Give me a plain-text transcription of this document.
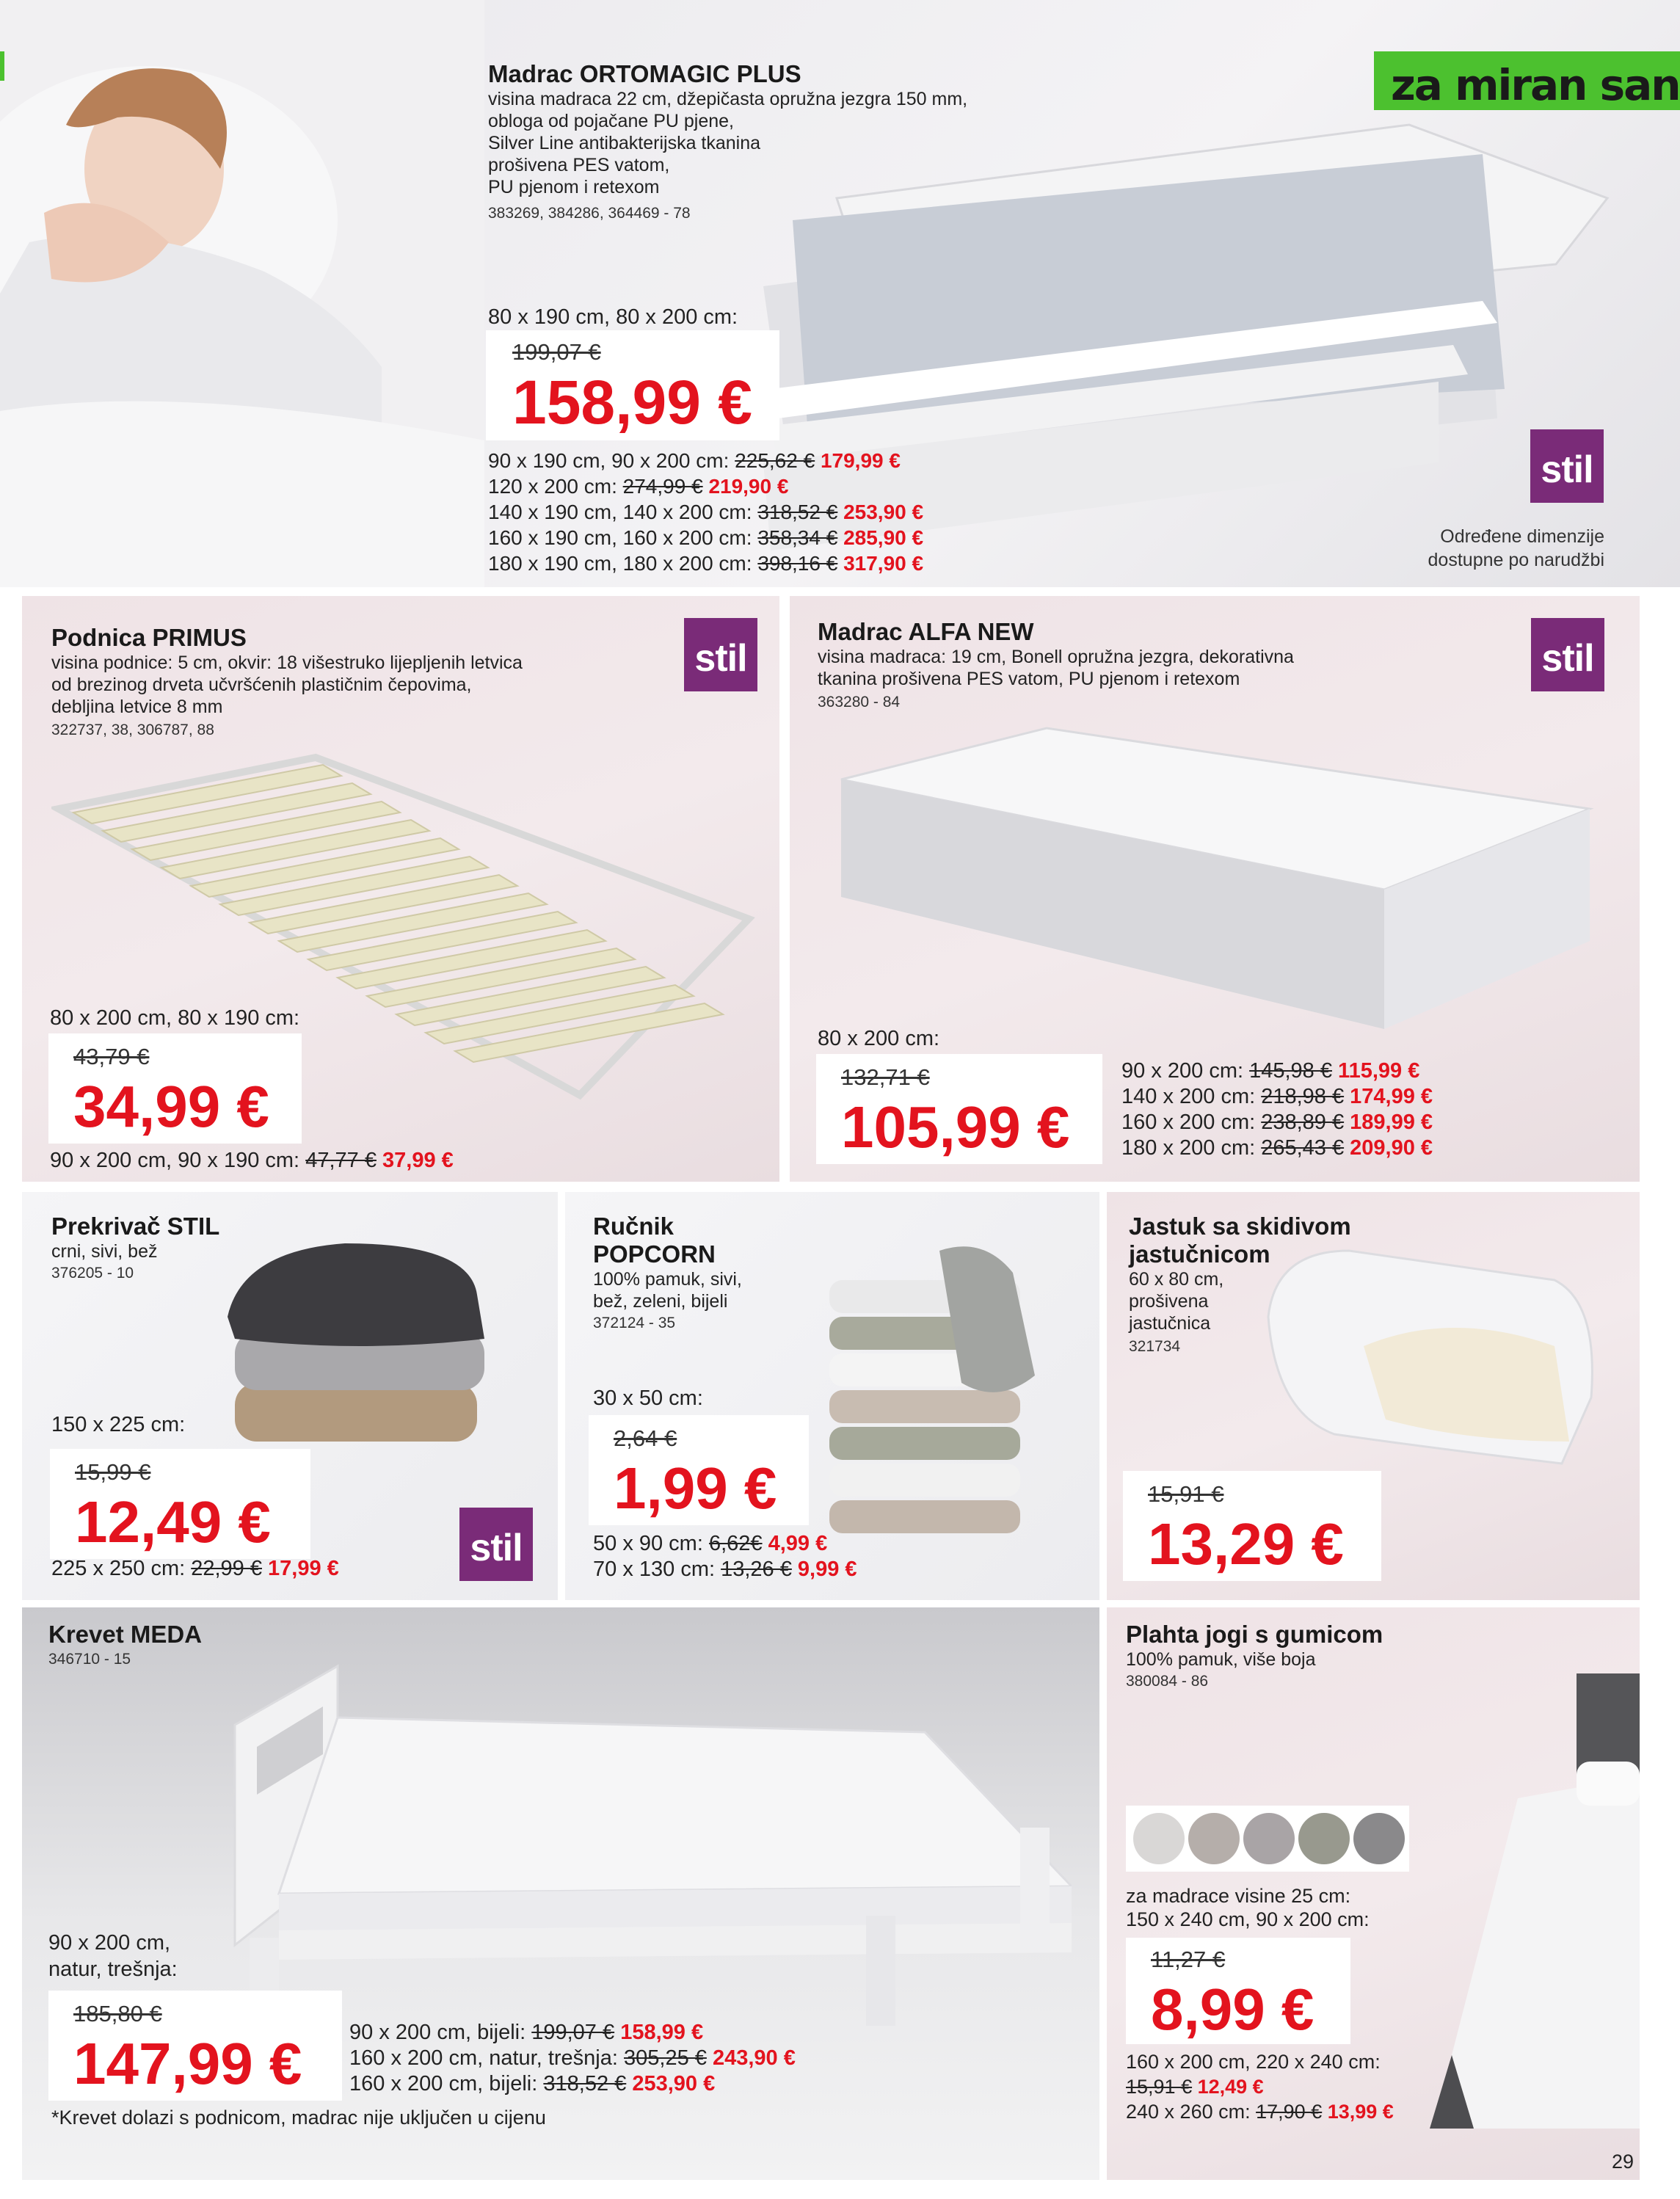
Madrac ORTOMAGIC PLUS
visina madraca 22 cm, džepičasta opružna jezgra 150 mm,
obloga od pojačane PU pjene,
Silver Line antibakterijska tkanina
prošivena PES vatom,
PU pjenom i retexom
383269, 384286, 364469 - 78
80 x 190 cm, 80 x 200 cm:
199,07 €
158,99 €
90 x 190 cm, 90 x 200 cm: 225,62 € 179,99 €
120 x 200 cm: 274,99 € 219,90 €
140 x 190 cm, 140 x 200 cm: 318,52 € 253,90 €
160 x 190 cm, 160 x 200 cm: 358,34 € 285,90 €
180 x 190 cm, 180 x 200 cm: 398,16 € 317,90 €
stil
Određene dimenzije
dostupne po narudžbi
za miran san
Podnica PRIMUS
visina podnice: 5 cm, okvir: 18 višestruko lijepljenih letvica
od brezinog drveta učvršćenih plastičnim čepovima,
debljina letvice 8 mm
322737, 38, 306787, 88
stil
80 x 200 cm, 80 x 190 cm:
43,79 €
34,99 €
90 x 200 cm, 90 x 190 cm: 47,77 € 37,99 €
Madrac ALFA NEW
visina madraca: 19 cm, Bonell opružna jezgra, dekorativna
tkanina prošivena PES vatom, PU pjenom i retexom
363280 - 84
stil
80 x 200 cm:
132,71 €
105,99 €
90 x 200 cm: 145,98 € 115,99 €
140 x 200 cm: 218,98 € 174,99 €
160 x 200 cm: 238,89 € 189,99 €
180 x 200 cm: 265,43 € 209,90 €
Prekrivač STIL
crni, sivi, bež
376205 - 10
150 x 225 cm:
15,99 €
12,49 €
225 x 250 cm: 22,99 € 17,99 €	stil
Ručnik
POPCORN
100% pamuk, sivi,
bež, zeleni, bijeli
372124 - 35
30 x 50 cm:
2,64 €
1,99 €
50 x 90 cm: 6,62€ 4,99 €
70 x 130 cm: 13,26 € 9,99 €
Jastuk sa skidivom
jastučnicom
60 x 80 cm,
prošivena
jastučnica
321734
15,91 €
13,29 €
Krevet MEDA
346710 - 15
90 x 200 cm,
natur, trešnja:
185,80 €
147,99 € 90 x 200 cm, bijeli: 199,07 € 158,99 €
160 x 200 cm, natur, trešnja: 305,25 € 243,90 €
160 x 200 cm, bijeli: 318,52 € 253,90 €
*Krevet dolazi s podnicom, madrac nije uključen u cijenu
Plahta jogi s gumicom
100% pamuk, više boja
380084 - 86
za madrace visine 25 cm:
150 x 240 cm, 90 x 200 cm:
11,27 €
8,99 €
160 x 200 cm, 220 x 240 cm:
15,91 € 12,49 €
240 x 260 cm: 17,90 € 13,99 €
29
